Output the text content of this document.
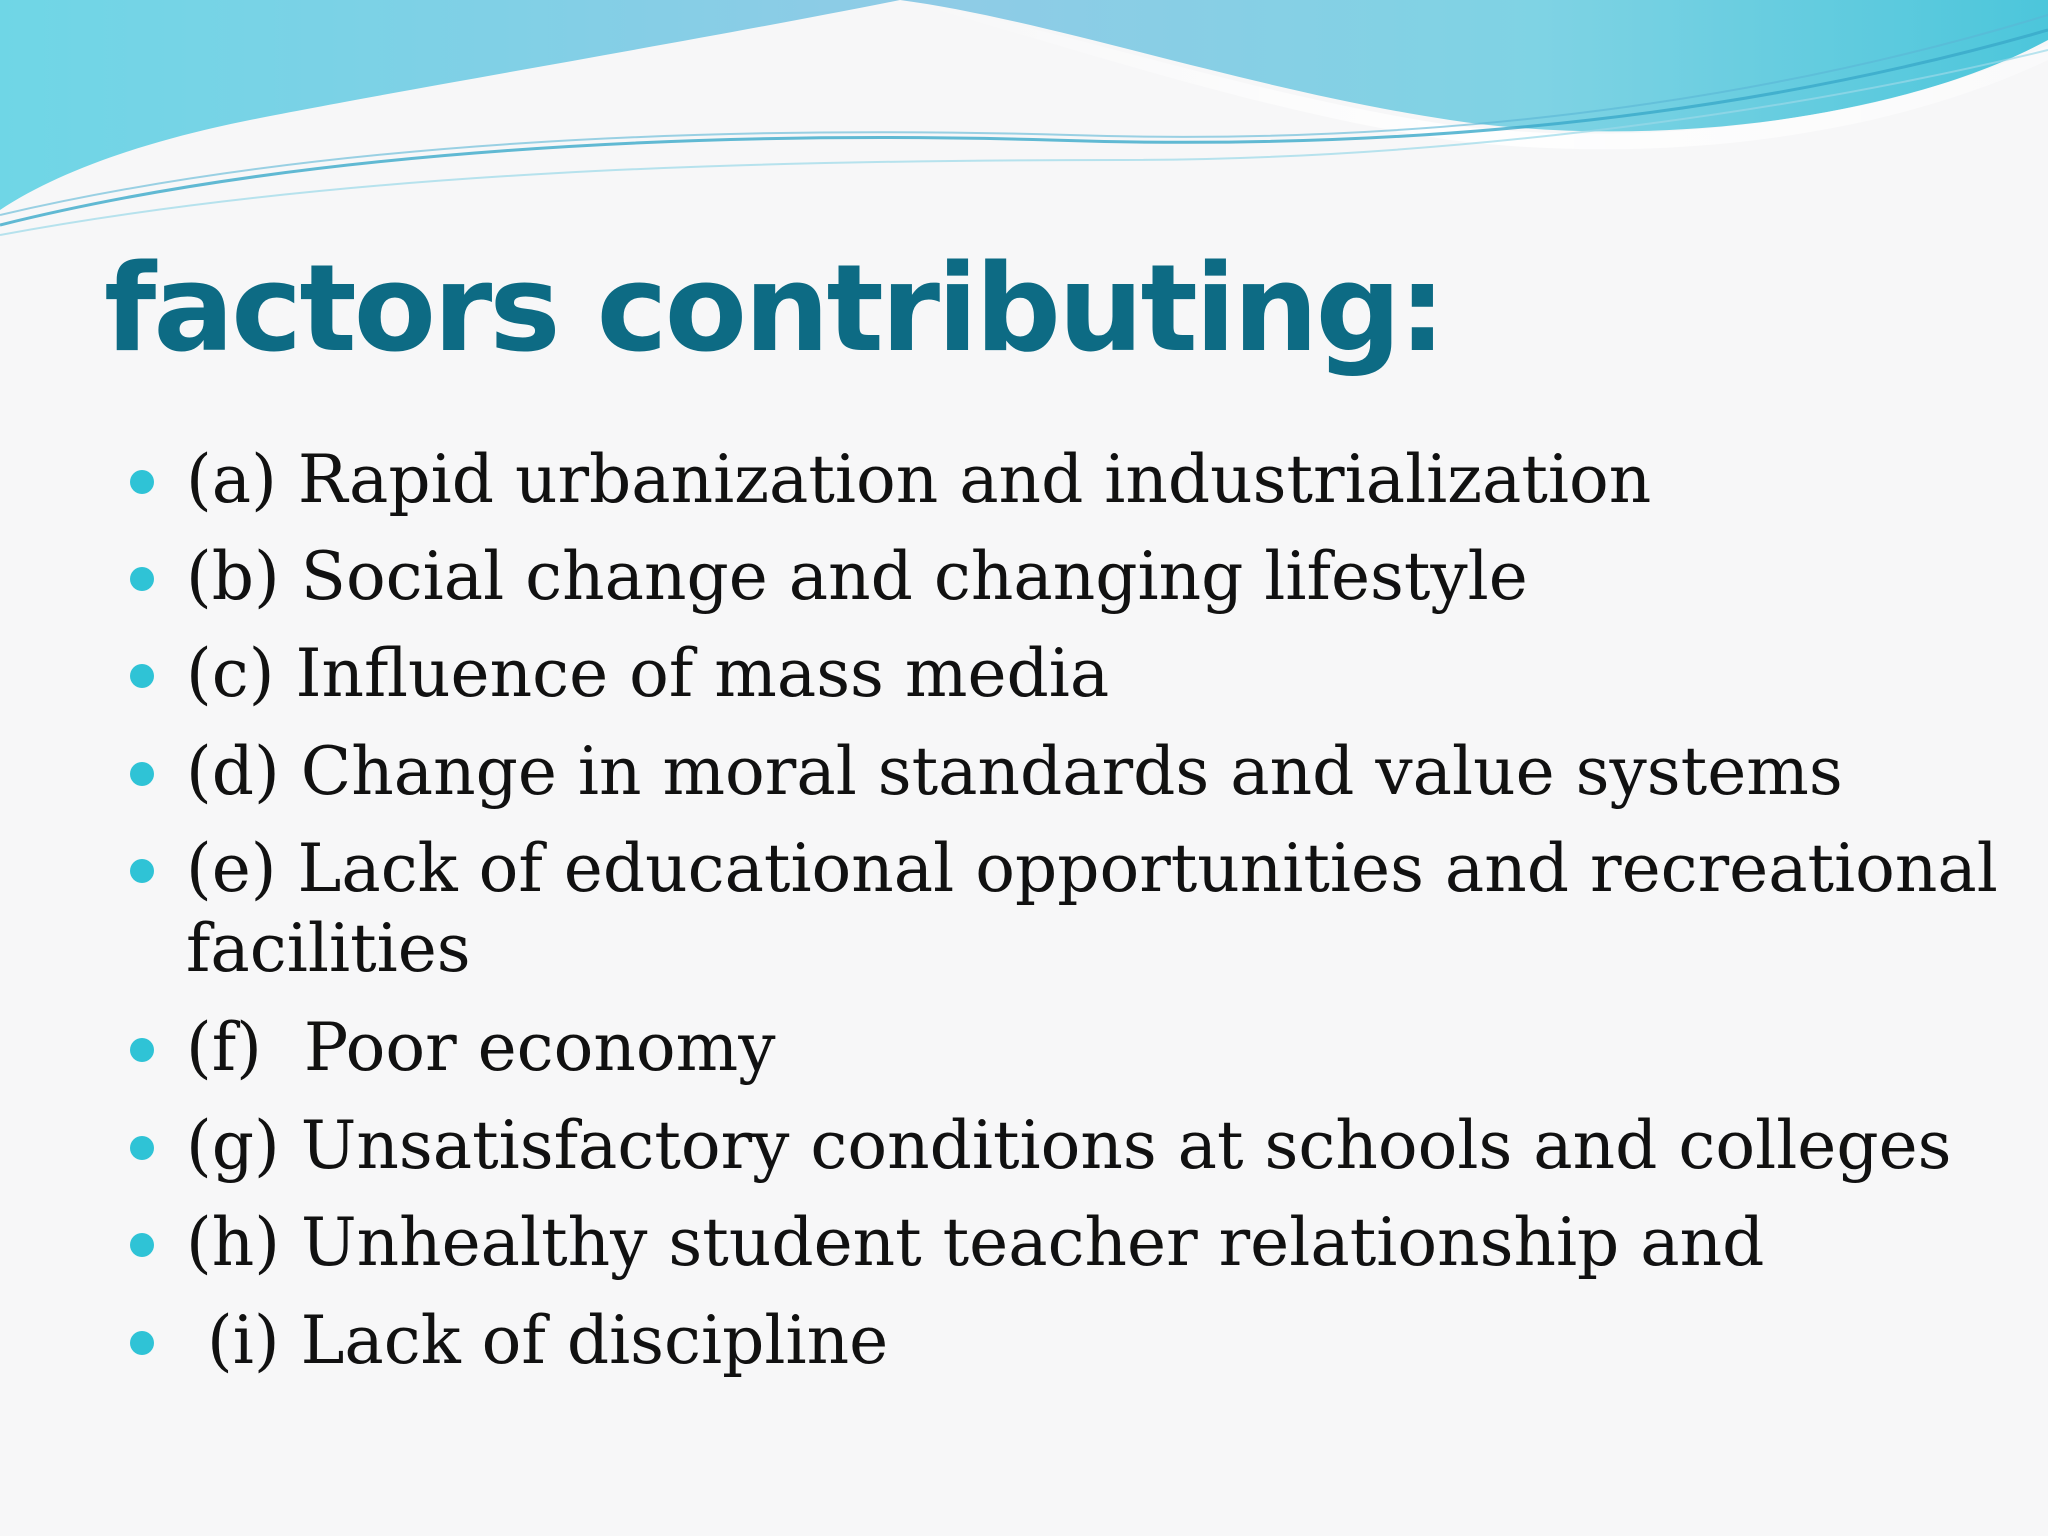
factors contributing:
(a) Rapid urbanization and industrialization
(b) Social change and changing lifestyle
(c) Influence of mass media
(d) Change in moral standards and value systems
(e) Lack of educational opportunities and recreational facilities
(f)  Poor economy
(g) Unsatisfactory conditions at schools and colleges
(h) Unhealthy student teacher relationship and
(i) Lack of discipline
